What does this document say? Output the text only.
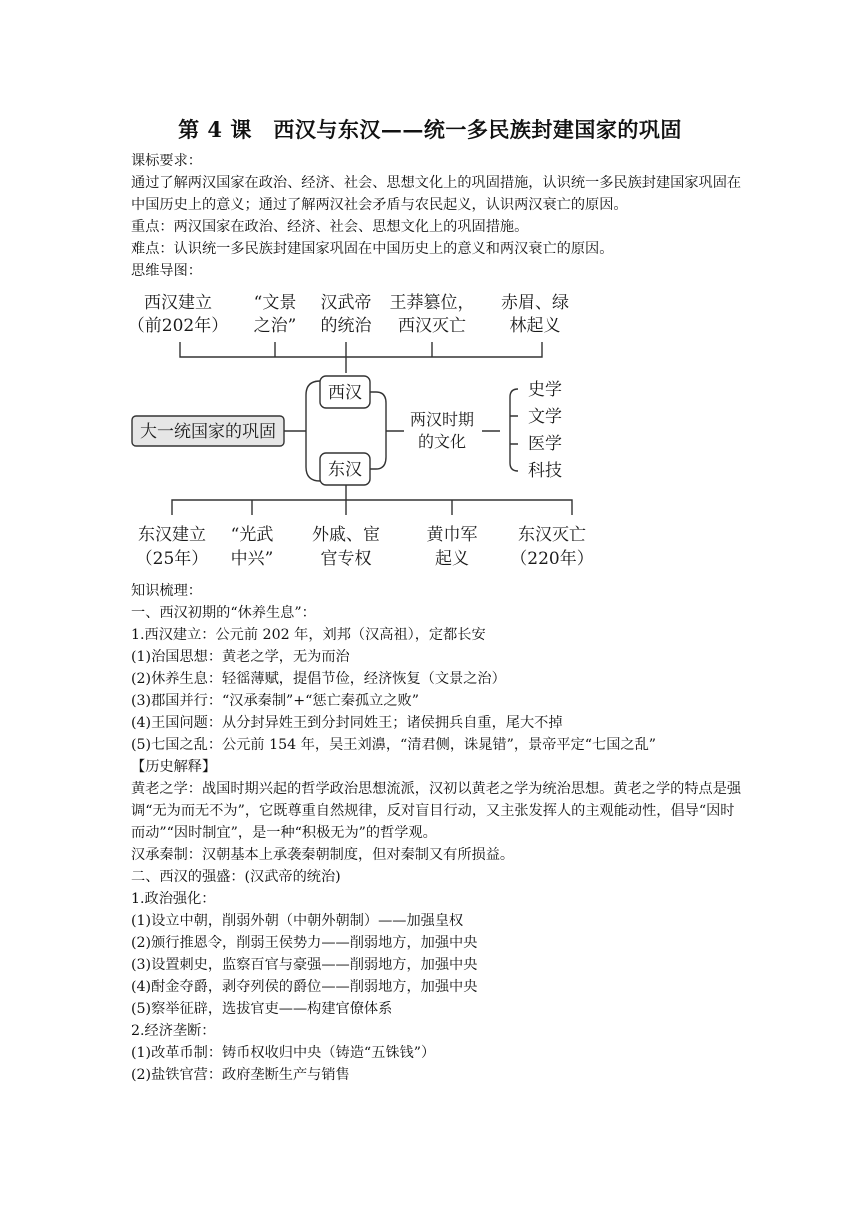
第 4 课　西汉与东汉——统一多民族封建国家的巩固
课标要求：
通过了解两汉国家在政治、经济、社会、思想文化上的巩固措施，认识统一多民族封建国家巩固在中国历史上的意义；通过了解两汉社会矛盾与农民起义，认识两汉衰亡的原因。
重点：两汉国家在政治、经济、社会、思想文化上的巩固措施。
难点：认识统一多民族封建国家巩固在中国历史上的意义和两汉衰亡的原因。
思维导图：
西汉建立
（前202年）
“文景
之治”
汉武帝
的统治
王莽篡位，
西汉灭亡
赤眉、绿
林起义
大一统国家的巩固
西汉
东汉
两汉时期
的文化
史学
文学
医学
科技
东汉建立
（25年）
“光武
中兴”
外戚、宦
官专权
黄巾军
起义
东汉灭亡
（220年）
知识梳理：
一、西汉初期的“休养生息”：
1.西汉建立：公元前 202 年，刘邦（汉高祖），定都长安
(1)治国思想：黄老之学，无为而治
(2)休养生息：轻徭薄赋，提倡节俭，经济恢复（文景之治）
(3)郡国并行：“汉承秦制”+“惩亡秦孤立之败”
(4)王国问题：从分封异姓王到分封同姓王；诸侯拥兵自重，尾大不掉
(5)七国之乱：公元前 154 年，吴王刘濞，“清君侧，诛晁错”，景帝平定“七国之乱”
【历史解释】
黄老之学：战国时期兴起的哲学政治思想流派，汉初以黄老之学为统治思想。黄老之学的特点是强调“无为而无不为”，它既尊重自然规律，反对盲目行动，又主张发挥人的主观能动性，倡导“因时而动”“因时制宜”，是一种“积极无为”的哲学观。
汉承秦制：汉朝基本上承袭秦朝制度，但对秦制又有所损益。
二、西汉的强盛：(汉武帝的统治)
1.政治强化：
(1)设立中朝，削弱外朝（中朝外朝制）——加强皇权
(2)颁行推恩令，削弱王侯势力——削弱地方，加强中央
(3)设置刺史，监察百官与豪强——削弱地方，加强中央
(4)酎金夺爵，剥夺列侯的爵位——削弱地方，加强中央
(5)察举征辟，选拔官吏——构建官僚体系
2.经济垄断：
(1)改革币制：铸币权收归中央（铸造“五铢钱”）
(2)盐铁官营：政府垄断生产与销售
